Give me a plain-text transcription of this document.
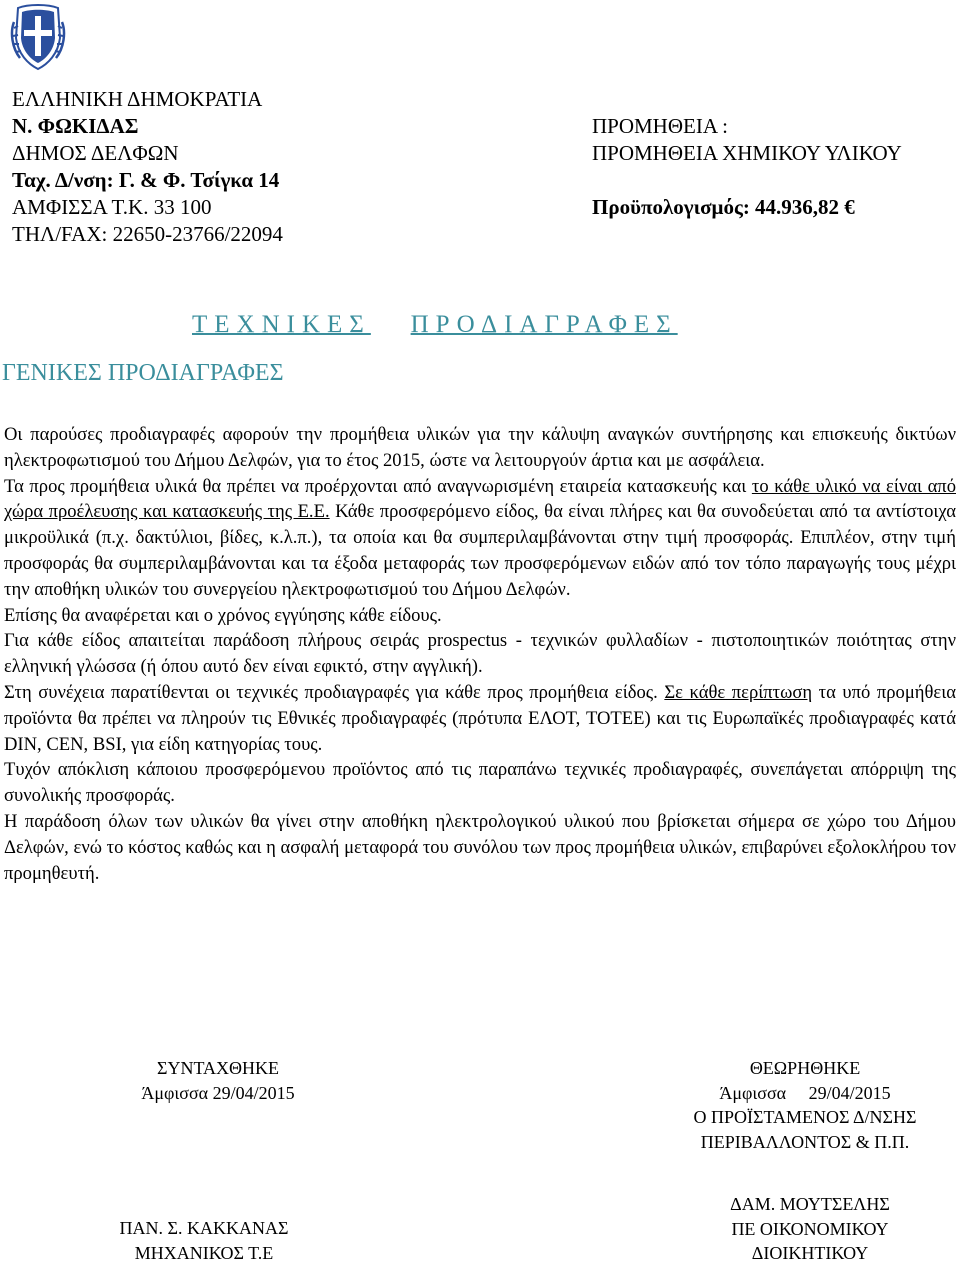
ΕΛΛΗΝΙΚΗ ΔΗΜΟΚΡΑΤΙΑ
Ν. ΦΩΚΙΔΑΣ
ΔΗΜΟΣ ΔΕΛΦΩΝ
Ταχ. Δ/νση: Γ. & Φ. Τσίγκα 14
ΑΜΦΙΣΣΑ Τ.Κ. 33 100
ΤΗΛ/FAX: 22650-23766/22094
ΠΡΟΜΗΘΕΙΑ :
ΠΡΟΜΗΘΕΙΑ ΧΗΜΙΚΟΥ ΥΛΙΚΟΥ
Προϋπολογισμός: 44.936,82 €
ΤΕΧΝΙΚΕΣ ΠΡΟΔΙΑΓΡΑΦΕΣ
ΓΕΝΙΚΕΣ ΠΡΟΔΙΑΓΡΑΦΕΣ

Οι παρούσες προδιαγραφές αφορούν την προμήθεια υλικών για την κάλυψη αναγκών συντήρησης και επισκευής δικτύων ηλεκτροφωτισμού του Δήμου Δελφών, για το έτος 2015, ώστε να λειτουργούν άρτια και με ασφάλεια.

Τα προς προμήθεια υλικά θα πρέπει να προέρχονται από αναγνωρισμένη εταιρεία κατασκευής και το κάθε υλικό να είναι από χώρα προέλευσης και κατασκευής της Ε.Ε. Κάθε προσφερόμενο είδος, θα είναι πλήρες και θα συνοδεύεται από τα αντίστοιχα μικροϋλικά (π.χ. δακτύλιοι, βίδες, κ.λ.π.), τα οποία και θα συμπεριλαμβάνονται στην τιμή προσφοράς. Επιπλέον, στην τιμή προσφοράς θα συμπεριλαμβάνονται και τα έξοδα μεταφοράς των προσφερόμενων ειδών από τον τόπο παραγωγής τους μέχρι την αποθήκη υλικών του συνεργείου ηλεκτροφωτισμού του Δήμου Δελφών.

Επίσης θα αναφέρεται και ο χρόνος εγγύησης κάθε είδους.

Για κάθε είδος απαιτείται παράδοση πλήρους σειράς prospectus - τεχνικών φυλλαδίων - πιστοποιητικών ποιότητας στην ελληνική γλώσσα (ή όπου αυτό δεν είναι εφικτό, στην αγγλική).

Στη συνέχεια παρατίθενται οι τεχνικές προδιαγραφές για κάθε προς προμήθεια είδος. Σε κάθε περίπτωση τα υπό προμήθεια προϊόντα θα πρέπει να πληρούν τις Εθνικές προδιαγραφές (πρότυπα ΕΛΟΤ, ΤΟΤΕΕ) και τις Ευρωπαϊκές προδιαγραφές κατά DIN, CEN, BSI, για είδη κατηγορίας τους.

Τυχόν απόκλιση κάποιου προσφερόμενου προϊόντος από τις παραπάνω τεχνικές προδιαγραφές, συνεπάγεται απόρριψη της συνολικής προσφοράς.

Η παράδοση όλων των υλικών θα γίνει στην αποθήκη ηλεκτρολογικού υλικού που βρίσκεται σήμερα σε χώρο του Δήμου Δελφών, ενώ το κόστος καθώς και η ασφαλή μεταφορά του συνόλου των προς προμήθεια υλικών, επιβαρύνει εξολοκλήρου τον προμηθευτή.

ΣΥΝΤΑΧΘΗΚΕ
Άμφισσα 29/04/2015
ΠΑΝ. Σ. ΚΑΚΚΑΝΑΣ
ΜΗΧΑΝΙΚΟΣ Τ.Ε
ΘΕΩΡΗΘΗΚΕ
Άμφισσα     29/04/2015
Ο ΠΡΟΪΣΤΑΜΕΝΟΣ Δ/ΝΣΗΣ
ΠΕΡΙΒΑΛΛΟΝΤΟΣ & Π.Π.
ΔΑΜ. ΜΟΥΤΣΕΛΗΣ
ΠΕ ΟΙΚΟΝΟΜΙΚΟΥ
ΔΙΟΙΚΗΤΙΚΟΥ
